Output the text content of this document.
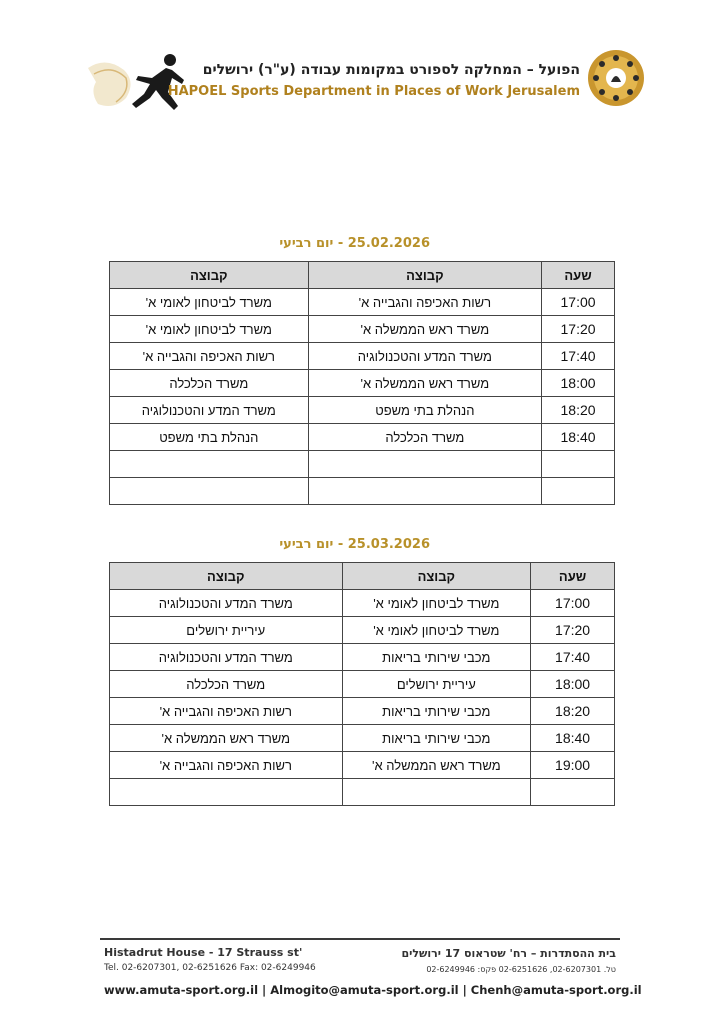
הפועל – המחלקה לספורט במקומות עבודה (ע"ר) ירושלים
HAPOEL Sports Department in Places of Work Jerusalem
25.02.2026 - יום רביעי
שעה	קבוצה	קבוצה
17:00	רשות האכיפה והגבייה א'	משרד לביטחון לאומי א'
17:20	משרד ראש הממשלה א'	משרד לביטחון לאומי א'
17:40	משרד המדע והטכנולוגיה	רשות האכיפה והגבייה א'
18:00	משרד ראש הממשלה א'	משרד הכלכלה
18:20	הנהלת בתי משפט	משרד המדע והטכנולוגיה
18:40	משרד הכלכלה	הנהלת בתי משפט

25.03.2026 - יום רביעי
שעה	קבוצה	קבוצה
17:00	משרד לביטחון לאומי א'	משרד המדע והטכנולוגיה
17:20	משרד לביטחון לאומי א'	עיריית ירושלים
17:40	מכבי שירותי בריאות	משרד המדע והטכנולוגיה
18:00	עיריית ירושלים	משרד הכלכלה
18:20	מכבי שירותי בריאות	רשות האכיפה והגבייה א'
18:40	מכבי שירותי בריאות	משרד ראש הממשלה א'
19:00	משרד ראש הממשלה א'	רשות האכיפה והגבייה א'

Histadrut House - 17 Strauss st'
Tel. 02-6207301, 02-6251626 Fax: 02-6249946
בית ההסתדרות – רח' שטראוס 17 ירושלים
טל. 02-6207301, 02-6251626 פקס: 02-6249946
www.amuta-sport.org.il | Almogito@amuta-sport.org.il | Chenh@amuta-sport.org.il
